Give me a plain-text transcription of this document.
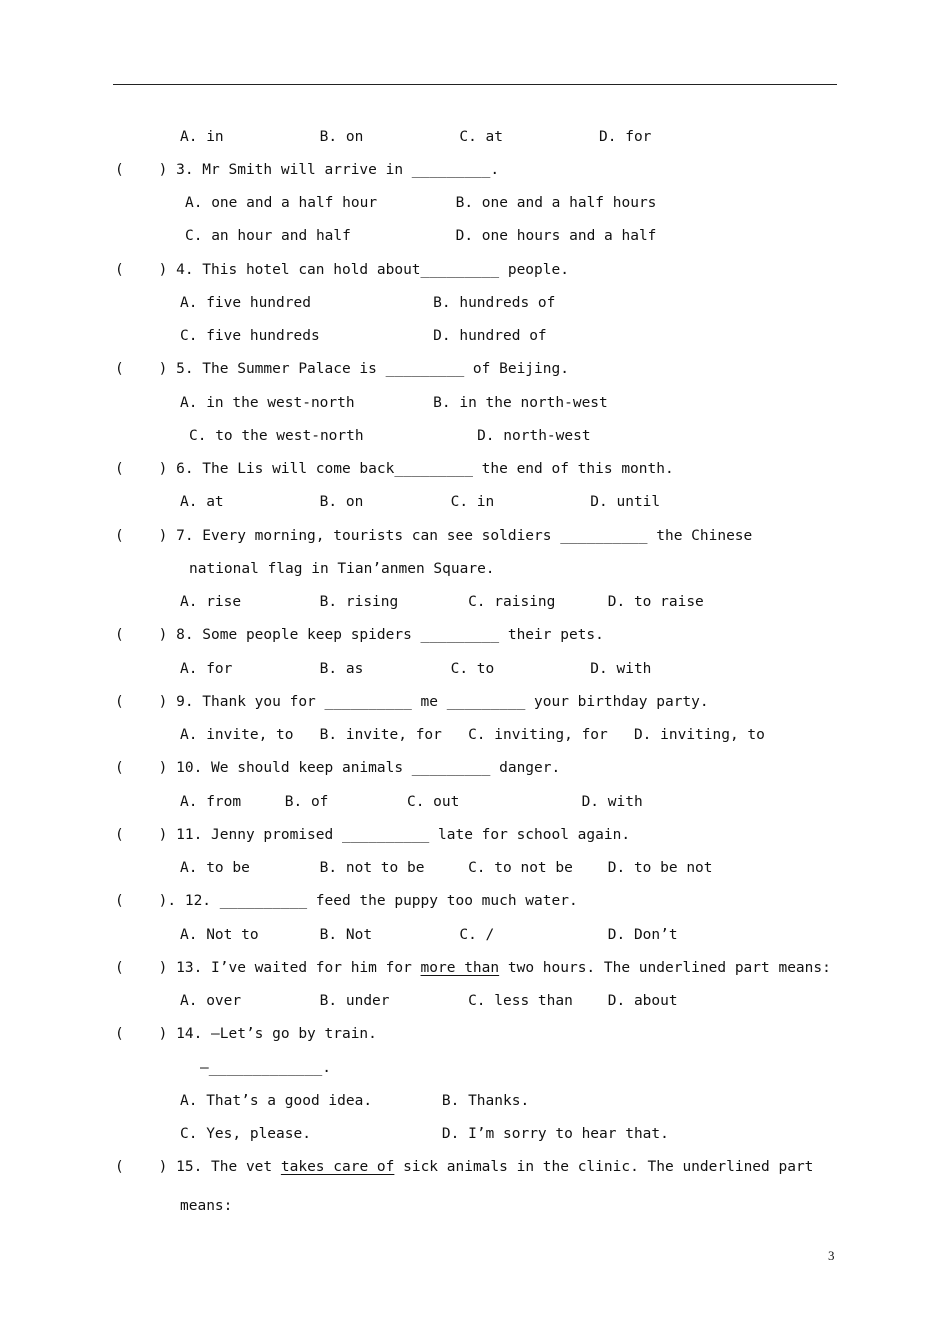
A. in           B. on           C. at           D. for
(    ) 3. Mr Smith will arrive in _________.
A. one and a half hour         B. one and a half hours
C. an hour and half            D. one hours and a half
(    ) 4. This hotel can hold about_________ people.
A. five hundred              B. hundreds of
C. five hundreds             D. hundred of
(    ) 5. The Summer Palace is _________ of Beijing.
A. in the west-north         B. in the north-west
C. to the west-north             D. north-west
(    ) 6. The Lis will come back_________ the end of this month.
A. at           B. on          C. in           D. until
(    ) 7. Every morning, tourists can see soldiers __________ the Chinese
national flag in Tian’anmen Square.
A. rise         B. rising        C. raising      D. to raise
(    ) 8. Some people keep spiders _________ their pets.
A. for          B. as          C. to           D. with
(    ) 9. Thank you for __________ me _________ your birthday party.
A. invite, to   B. invite, for   C. inviting, for   D. inviting, to
(    ) 10. We should keep animals _________ danger.
A. from     B. of         C. out              D. with
(    ) 11. Jenny promised __________ late for school again.
A. to be        B. not to be     C. to not be    D. to be not
(    ). 12. __________ feed the puppy too much water.
A. Not to       B. Not          C. /             D. Don’t
(    ) 13. I’ve waited for him for more than two hours. The underlined part means:
A. over         B. under         C. less than    D. about
(    ) 14. –Let’s go by train.
–_____________.
A. That’s a good idea.        B. Thanks.
C. Yes, please.               D. I’m sorry to hear that.
(    ) 15. The vet takes care of sick animals in the clinic. The underlined part
means:
3
